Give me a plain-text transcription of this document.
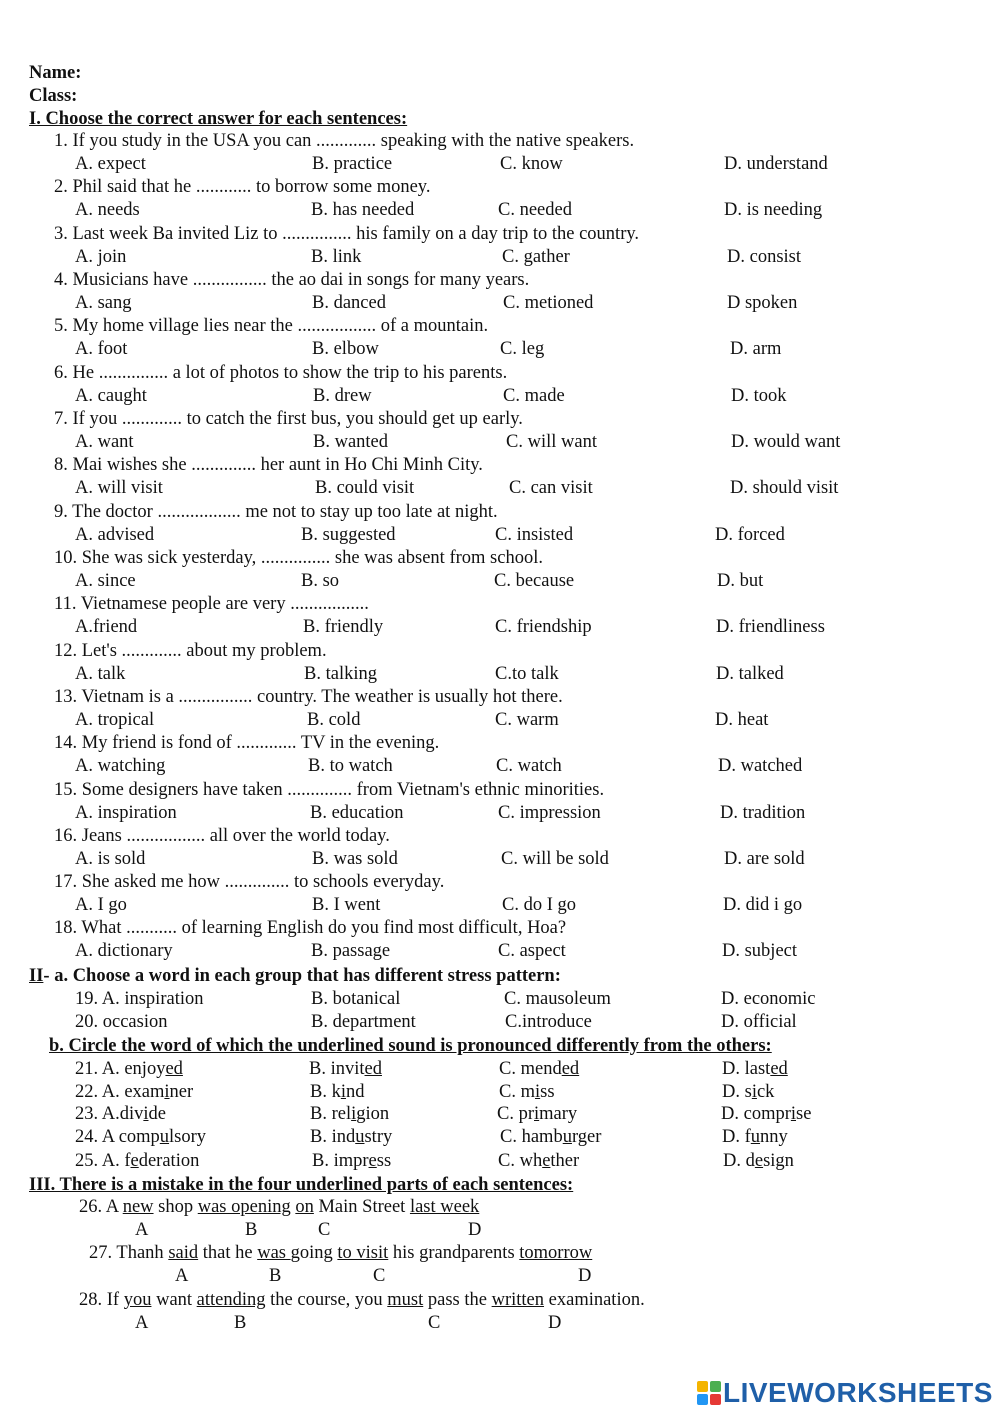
Name:
Class:
I. Choose the correct answer for each sentences:
1. If you study in the USA you can ............. speaking with the native speakers.
A. expect	B. practice	C. know	D. understand
2. Phil said that he ............ to borrow some money.
A. needs	B. has needed	C. needed	D. is needing
3. Last week Ba invited Liz to ............... his family on a day trip to the country.
A. join	B. link	C. gather	D. consist
4. Musicians have ................ the ao dai in songs for many years.
A. sang	B. danced	C. metioned	D spoken
5. My home village lies near the ................. of a mountain.
A. foot	B. elbow	C. leg	D. arm
6. He ............... a lot of photos to show the trip to his parents.
A. caught	B. drew	C. made	D. took
7. If you ............. to catch the first bus, you should get up early.
A. want	B. wanted	C. will want	D. would want
8. Mai wishes she .............. her aunt in Ho Chi Minh City.
A. will visit	B. could visit	C. can visit	D. should visit
9. The doctor .................. me not to stay up too late at night.
A. advised	B. suggested	C. insisted	D. forced
10. She was sick yesterday, ............... she was absent from school.
A. since	B. so	C. because	D. but
11. Vietnamese people are very .................
A.friend	B. friendly	C. friendship	D. friendliness
12. Let's ............. about my problem.
A. talk	B. talking	C.to talk	D. talked
13. Vietnam is a ................ country. The weather is usually hot there.
A. tropical	B. cold	C. warm	D. heat
14. My friend is fond of ............. TV in the evening.
A. watching	B. to watch	C. watch	D. watched
15. Some designers have taken .............. from Vietnam's ethnic minorities.
A. inspiration	B. education	C. impression	D. tradition
16. Jeans ................. all over the world today.
A. is sold	B. was sold	C. will be sold	D. are sold
17. She asked me how .............. to schools everyday.
A. I go	B. I went	C. do I go	D. did i go
18. What ........... of learning English do you find most difficult, Hoa?
A. dictionary	B. passage	C. aspect	D. subject
II- a. Choose a word in each group that has different stress pattern:
19. A. inspiration	B. botanical	C. mausoleum	D. economic
20. occasion	B. department	C.introduce	D. official
b. Circle the word of which the underlined sound is pronounced differently from the others:
21. A. enjoyed	B. invited	C. mended	D. lasted
22. A. examiner	B. kind	C. miss	D. sick
23. A.divide	B. religion	C. primary	D. comprise
24. A compulsory	B. industry	C. hamburger	D. funny
25. A. federation	B. impress	C. whether	D. design
III. There is a mistake in the four underlined parts of each sentences:
26. A new shop was opening on Main Street last week
A	B	C	D
27. Thanh said that he was going to visit his grandparents tomorrow
A	B	C	D
28. If you want attending the course, you must pass the written examination.
A	B	C	D
LIVEWORKSHEETS
